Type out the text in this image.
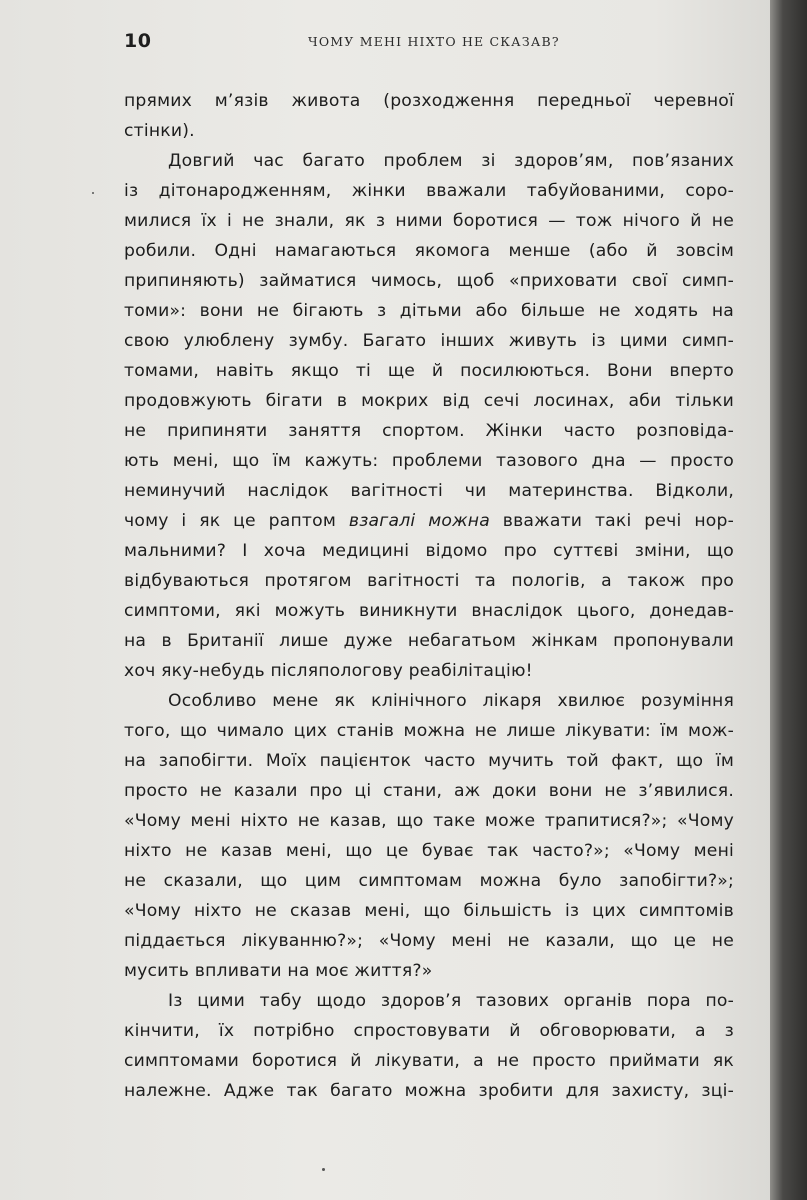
10	ЧОМУ МЕНІ НІХТО НЕ СКАЗАВ?
прямих м’язів живота (розходження передньої черевної
стінки).
Довгий час багато проблем зі здоров’ям, пов’язаних
із дітонародженням, жінки вважали табуйованими, соро-
милися їх і не знали, як з ними боротися — тож нічого й не
робили. Одні намагаються якомога менше (або й зовсім
припиняють) займатися чимось, щоб «приховати свої симп-
томи»: вони не бігають з дітьми або більше не ходять на
свою улюблену зумбу. Багато інших живуть із цими симп-
томами, навіть якщо ті ще й посилюються. Вони вперто
продовжують бігати в мокрих від сечі лосинах, аби тільки
не припиняти заняття спортом. Жінки часто розповіда-
ють мені, що їм кажуть: проблеми тазового дна — просто
неминучий наслідок вагітності чи материнства. Відколи,
чому і як це раптом взагалі можна вважати такі речі нор-
мальними? І хоча медицині відомо про суттєві зміни, що
відбуваються протягом вагітності та пологів, а також про
симптоми, які можуть виникнути внаслідок цього, донедав-
на в Британії лише дуже небагатьом жінкам пропонували
хоч яку-небудь післяпологову реабілітацію!
Особливо мене як клінічного лікаря хвилює розуміння
того, що чимало цих станів можна не лише лікувати: їм мож-
на запобігти. Моїх пацієнток часто мучить той факт, що їм
просто не казали про ці стани, аж доки вони не з’явилися.
«Чому мені ніхто не казав, що таке може трапитися?»; «Чому
ніхто не казав мені, що це буває так часто?»; «Чому мені
не сказали, що цим симптомам можна було запобігти?»;
«Чому ніхто не сказав мені, що більшість із цих симптомів
піддається лікуванню?»; «Чому мені не казали, що це не
мусить впливати на моє життя?»
Із цими табу щодо здоров’я тазових органів пора по-
кінчити, їх потрібно спростовувати й обговорювати, а з
симптомами боротися й лікувати, а не просто приймати як
належне. Адже так багато можна зробити для захисту, зці-
